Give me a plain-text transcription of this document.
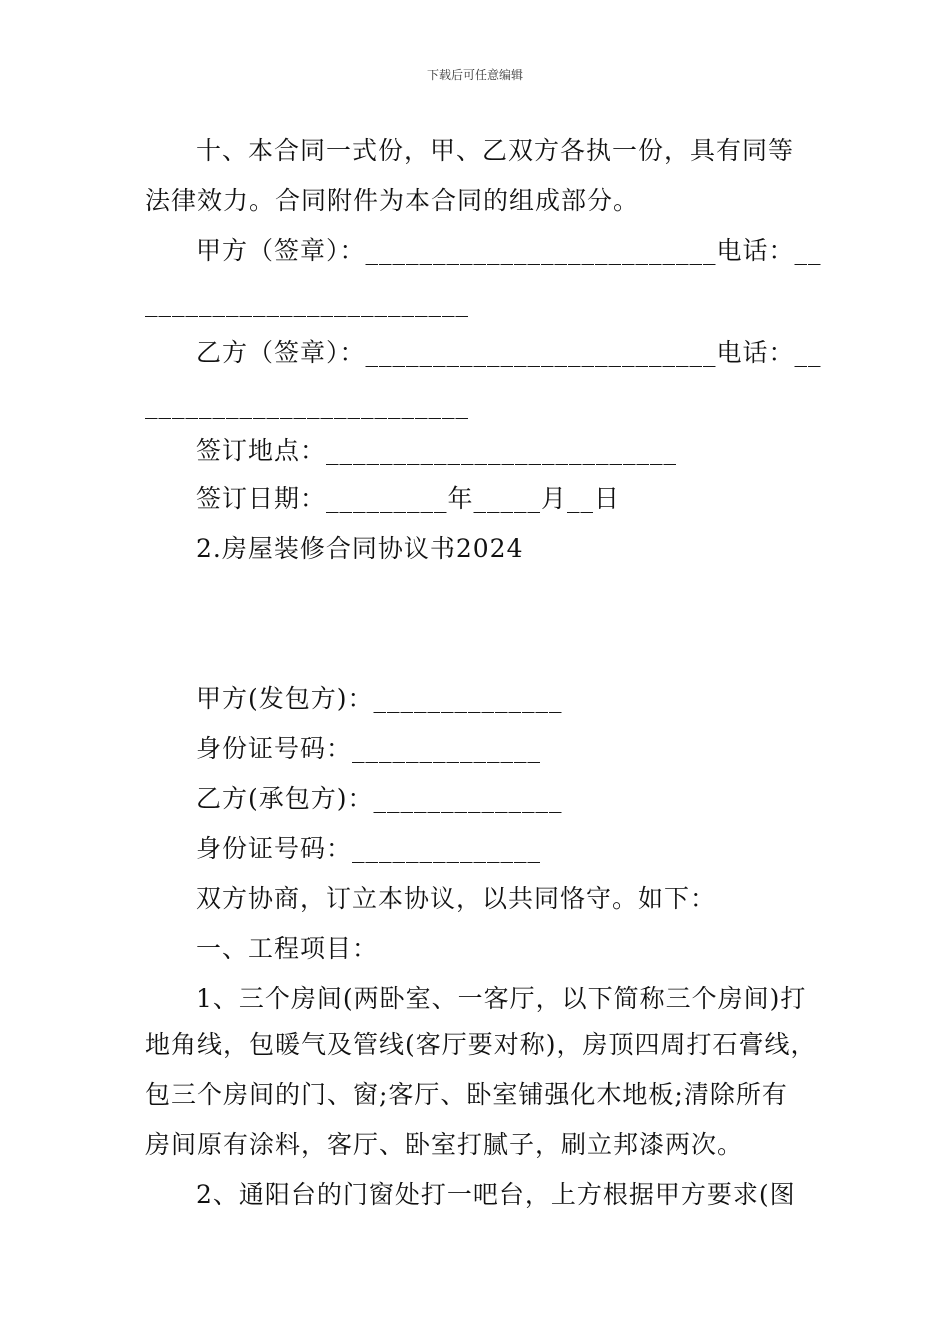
下载后可任意编辑
十、本合同一式份，甲、乙双方各执一份，具有同等
法律效力。合同附件为本合同的组成部分。
甲方（签章）：__________________________电话：__
________________________
乙方（签章）：__________________________电话：__
________________________
签订地点：__________________________
签订日期：_________年_____月__日
2.房屋装修合同协议书2024
甲方(发包方)：______________
身份证号码：______________
乙方(承包方)：______________
身份证号码：______________
双方协商，订立本协议，以共同恪守。如下：
一、工程项目：
1、三个房间(两卧室、一客厅，以下简称三个房间)打
地角线，包暖气及管线(客厅要对称)，房顶四周打石膏线，
包三个房间的门、窗;客厅、卧室铺强化木地板;清除所有
房间原有涂料，客厅、卧室打腻子，刷立邦漆两次。
2、通阳台的门窗处打一吧台，上方根据甲方要求(图
